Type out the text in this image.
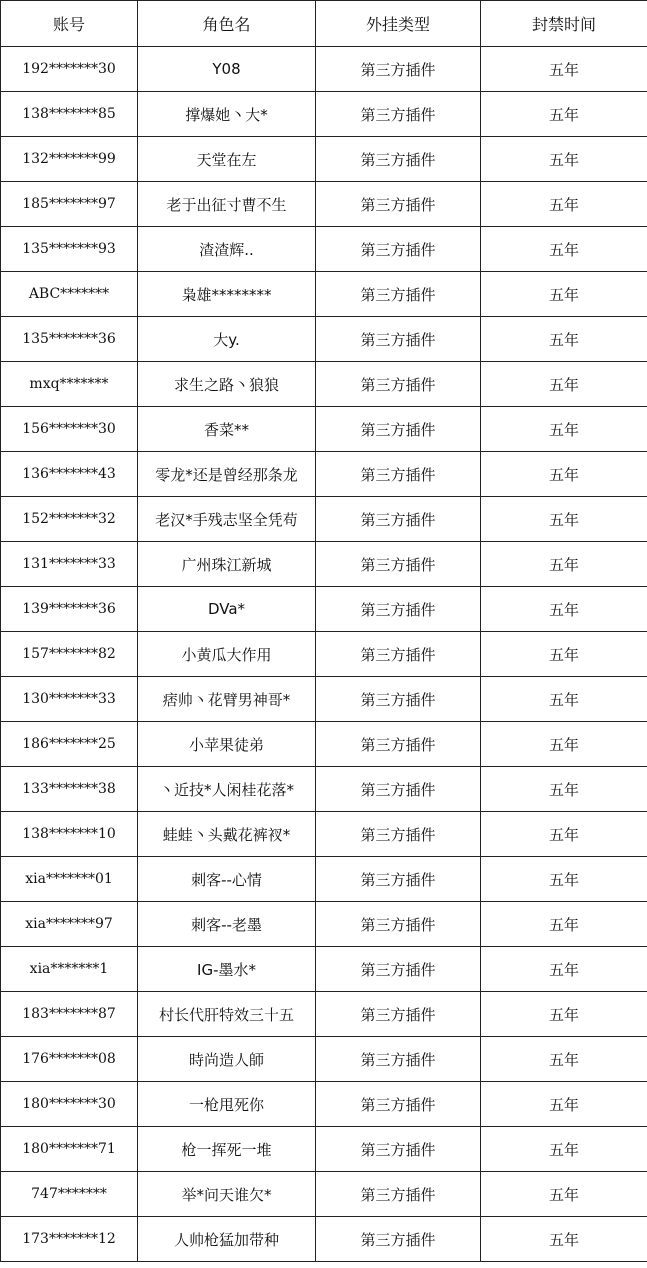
账号	角色名	外挂类型	封禁时间
192*******30	Y08	第三方插件	五年
138*******85	撑爆她丶大*	第三方插件	五年
132*******99	天堂在左	第三方插件	五年
185*******97	老于出征寸曹不生	第三方插件	五年
135*******93	渣渣辉..	第三方插件	五年
ABC*******	枭雄********	第三方插件	五年
135*******36	大y.	第三方插件	五年
mxq*******	求生之路丶狼狼	第三方插件	五年
156*******30	香菜**	第三方插件	五年
136*******43	零龙*还是曾经那条龙	第三方插件	五年
152*******32	老汉*手残志坚全凭苟	第三方插件	五年
131*******33	广州珠江新城	第三方插件	五年
139*******36	DVa*	第三方插件	五年
157*******82	小黄瓜大作用	第三方插件	五年
130*******33	痞帅丶花臂男神哥*	第三方插件	五年
186*******25	小苹果徒弟	第三方插件	五年
133*******38	丶近技*人闲桂花落*	第三方插件	五年
138*******10	蛙蛙丶头戴花裤衩*	第三方插件	五年
xia*******01	刺客--心情	第三方插件	五年
xia*******97	刺客--老墨	第三方插件	五年
xia*******1	IG-墨水*	第三方插件	五年
183*******87	村长代肝特效三十五	第三方插件	五年
176*******08	時尚造人師	第三方插件	五年
180*******30	一枪甩死你	第三方插件	五年
180*******71	枪一挥死一堆	第三方插件	五年
747*******	举*问天谁欠*	第三方插件	五年
173*******12	人帅枪猛加带种	第三方插件	五年
